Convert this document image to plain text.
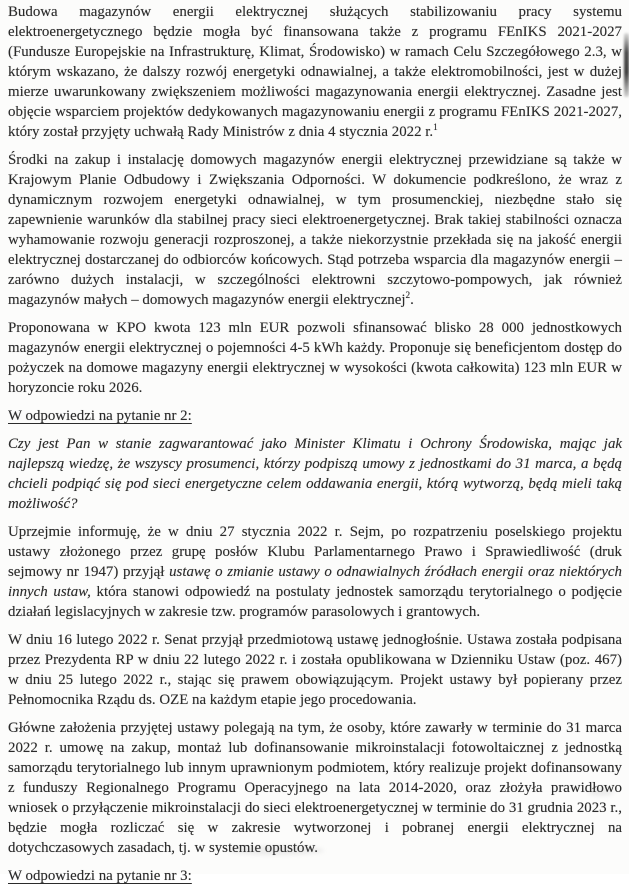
Budowa magazynów energii elektrycznej służących stabilizowaniu pracy systemu elektroenergetycznego będzie mogła być finansowana także z programu FEnIKS 2021-2027 (Fundusze Europejskie na Infrastrukturę, Klimat, Środowisko) w ramach Celu Szczegółowego 2.3, w którym wskazano, że dalszy rozwój energetyki odnawialnej, a także elektromobilności, jest w dużej mierze uwarunkowany zwiększeniem możliwości magazynowania energii elektrycznej. Zasadne jest objęcie wsparciem projektów dedykowanych magazynowaniu energii z programu FEnIKS 2021-2027, który został przyjęty uchwałą Rady Ministrów z dnia 4 stycznia 2022 r.$^1$

Środki na zakup i instalację domowych magazynów energii elektrycznej przewidziane są także w Krajowym Planie Odbudowy i Zwiększania Odporności. W dokumencie podkreślono, że wraz z dynamicznym rozwojem energetyki odnawialnej, w tym prosumenckiej, niezbędne stało się zapewnienie warunków dla stabilnej pracy sieci elektroenergetycznej. Brak takiej stabilności oznacza wyhamowanie rozwoju generacji rozproszonej, a także niekorzystnie przekłada się na jakość energii elektrycznej dostarczanej do odbiorców końcowych. Stąd potrzeba wsparcia dla magazynów energii – zarówno dużych instalacji, w szczególności elektrowni szczytowo-pompowych, jak również magazynów małych – domowych magazynów energii elektrycznej$^2$.

Proponowana w KPO kwota 123 mln EUR pozwoli sfinansować blisko 28 000 jednostkowych magazynów energii elektrycznej o pojemności 4-5 kWh każdy. Proponuje się beneficjentom dostęp do pożyczek na domowe magazyny energii elektrycznej w wysokości (kwota całkowita) 123 mln EUR w horyzoncie roku 2026.

W odpowiedzi na pytanie nr 2:

Czy jest Pan w stanie zagwarantować jako Minister Klimatu i Ochrony Środowiska, mając jak najlepszą wiedzę, że wszyscy prosumenci, którzy podpiszą umowy z jednostkami do 31 marca, a będą chcieli podpiąć się pod sieci energetyczne celem oddawania energii, którą wytworzą, będą mieli taką możliwość?

Uprzejmie informuję, że w dniu 27 stycznia 2022 r. Sejm, po rozpatrzeniu poselskiego projektu ustawy złożonego przez grupę posłów Klubu Parlamentarnego Prawo i Sprawiedliwość (druk sejmowy nr 1947) przyjął ustawę o zmianie ustawy o odnawialnych źródłach energii oraz niektórych innych ustaw, która stanowi odpowiedź na postulaty jednostek samorządu terytorialnego o podjęcie działań legislacyjnych w zakresie tzw. programów parasolowych i grantowych.

W dniu 16 lutego 2022 r. Senat przyjął przedmiotową ustawę jednogłośnie. Ustawa została podpisana przez Prezydenta RP w dniu 22 lutego 2022 r. i została opublikowana w Dzienniku Ustaw (poz. 467) w dniu 25 lutego 2022 r., stając się prawem obowiązującym. Projekt ustawy był popierany przez Pełnomocnika Rządu ds. OZE na każdym etapie jego procedowania.

Główne założenia przyjętej ustawy polegają na tym, że osoby, które zawarły w terminie do 31 marca 2022 r. umowę na zakup, montaż lub dofinansowanie mikroinstalacji fotowoltaicznej z jednostką samorządu terytorialnego lub innym uprawnionym podmiotem, który realizuje projekt dofinansowany z funduszy Regionalnego Programu Operacyjnego na lata 2014-2020, oraz złożyła prawidłowo wniosek o przyłączenie mikroinstalacji do sieci elektroenergetycznej w terminie do 31 grudnia 2023 r., będzie mogła rozliczać się w zakresie wytworzonej i pobranej energii elektrycznej na dotychczasowych zasadach, tj. w systemie opustów.

W odpowiedzi na pytanie nr 3:
